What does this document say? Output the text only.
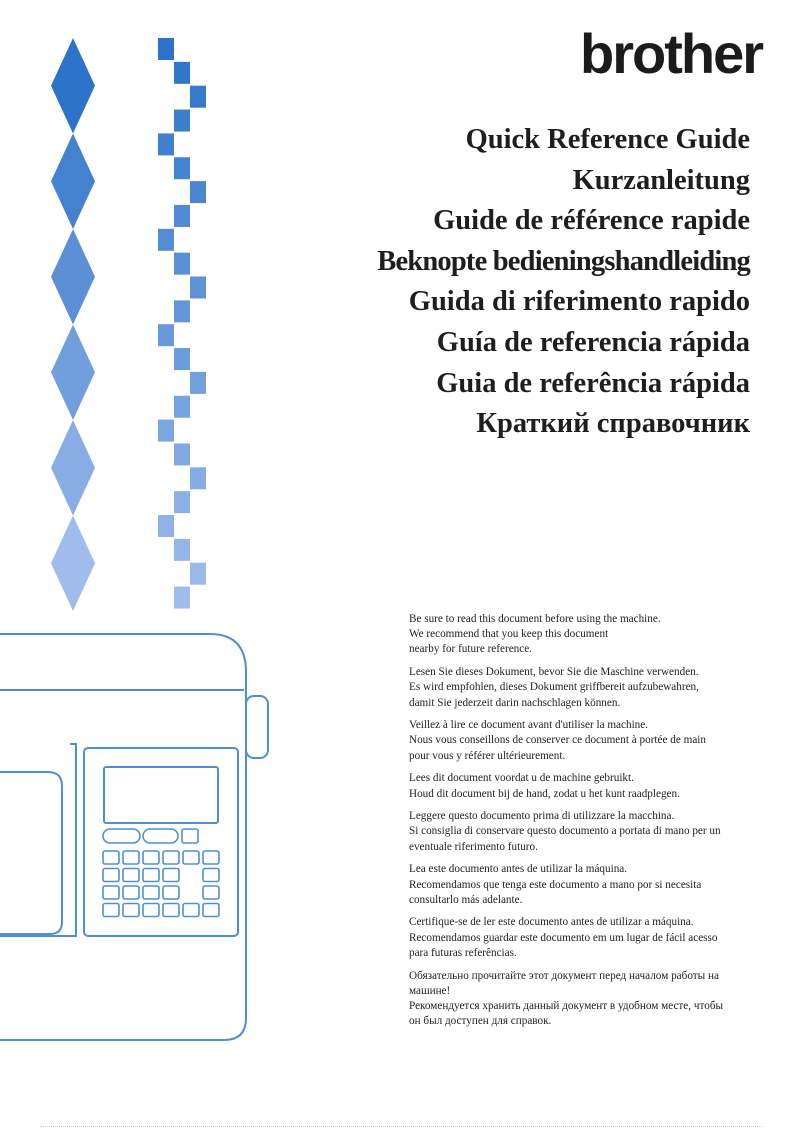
brother
Quick Reference Guide
Kurzanleitung
Guide de référence rapide
Beknopte bedieningshandleiding
Guida di riferimento rapido
Guía de referencia rápida
Guia de referência rápida
Краткий справочник
Be sure to read this document before using the machine.
We recommend that you keep this document
nearby for future reference.
Lesen Sie dieses Dokument, bevor Sie die Maschine verwenden.
Es wird empfohlen, dieses Dokument griffbereit aufzubewahren,
damit Sie jederzeit darin nachschlagen können.
Veillez à lire ce document avant d'utiliser la machine.
Nous vous conseillons de conserver ce document à portée de main
pour vous y référer ultérieurement.
Lees dit document voordat u de machine gebruikt.
Houd dit document bij de hand, zodat u het kunt raadplegen.
Leggere questo documento prima di utilizzare la macchina.
Si consiglia di conservare questo documento a portata di mano per un
eventuale riferimento futuro.
Lea este documento antes de utilizar la máquina.
Recomendamos que tenga este documento a mano por si necesita
consultarlo más adelante.
Certifique-se de ler este documento antes de utilizar a máquina.
Recomendamos guardar este documento em um lugar de fácil acesso
para futuras referências.
Обязательно прочитайте этот документ перед началом работы на
машине!
Рекомендуется хранить данный документ в удобном месте, чтобы
он был доступен для справок.
